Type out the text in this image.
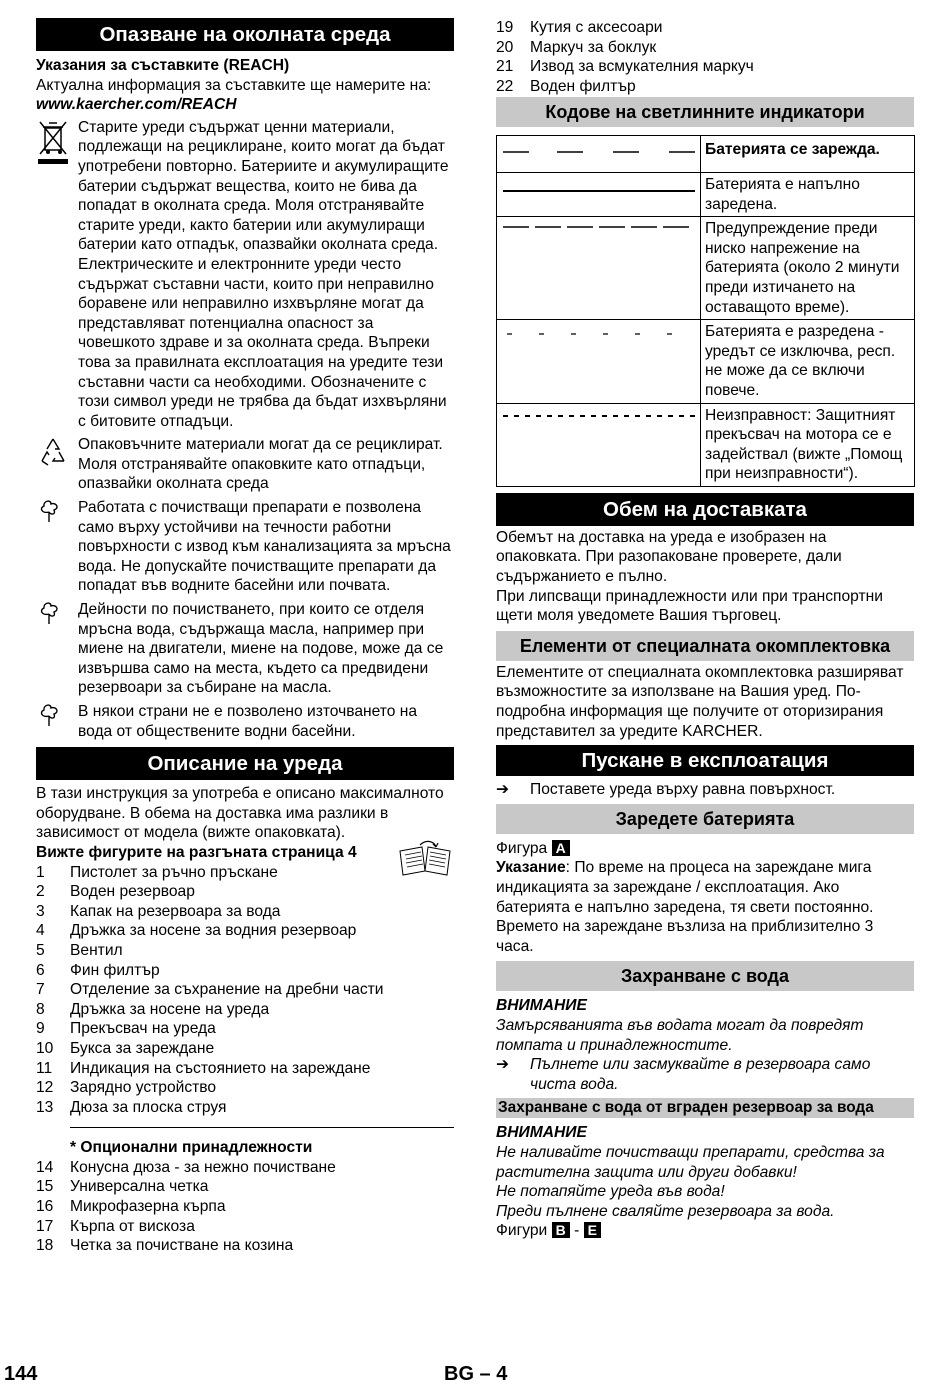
Опазване на околната среда

Указания за съставките (REACH)

Актуална информация за съставките ще намерите на:

www.kaercher.com/REACH

Старите уреди съдържат ценни материали, подлежащи на рециклиране, които могат да бъдат употребени повторно. Батериите и акумулиращите батерии съдържат вещества, които не бива да попадат в околната среда. Моля отстранявайте старите уреди, както батерии или акумулиращи батерии като отпадък, опазвайки околната среда. Електрическите и електронните уреди често съдържат съставни части, които при неправилно боравене или неправилно изхвърляне могат да представляват потенциална опасност за човешкото здраве и за околната среда. Въпреки това за правилната експлоатация на уредите тези съставни части са необходими. Обозначените с този символ уреди не трябва да бъдат изхвърляни с битовите отпадъци.
Опаковъчните материали могат да се рециклират. Моля отстранявайте опаковките като отпадъци, опазвайки околната среда
Работата с почистващи препарати е позволена само върху устойчиви на течности работни повърхности с извод към канализацията за мръсна вода. Не допускайте почистващите препарати да попадат във водните басейни или почвата.
Дейности по почистването, при които се отделя мръсна вода, съдържаща масла, например при миене на двигатели, миене на подове, може да се извършва само на места, където са предвидени резервоари за събиране на масла.
В някои страни не е позволено източването на вода от обществените водни басейни.
Описание на уреда

В тази инструкция за употреба е описано максималното оборудване. В обема на доставка има разлики в зависимост от модела (вижте опаковката).

Вижте фигурите на разгъната страница 4
1	Пистолет за ръчно пръскане
2	Воден резервоар
3	Капак на резервоара за вода
4	Дръжка за носене за водния резервоар
5	Вентил
6	Фин филтър
7	Отделение за съхранение на дребни части
8	Дръжка за носене на уреда
9	Прекъсвач на уреда
10	Букса за зареждане
11	Индикация на състоянието на зареждане
12	Зарядно устройство
13	Дюза за плоска струя
* Опционални принадлежности
14	Конусна дюза - за нежно почистване
15	Универсална четка
16	Микрофазерна кърпа
17	Кърпа от вискоза
18	Четка за почистване на козина
19	Кутия с аксесоари
20	Маркуч за боклук
21	Извод за всмукателния маркуч
22	Воден филтър
Кодове на светлинните индикатори
	Батерията се зарежда.
	Батерията е напълно заредена.
	Предупреждение преди ниско напрежение на батерията (около 2 минути преди изтичането на оставащото време).
	Батерията е разредена - уредът се изключва, респ. не може да се включи повече.
	Неизправност: Защитният прекъсвач на мотора се е задействал (вижте „Помощ при неизправности“).
Обем на доставката

Обемът на доставка на уреда е изобразен на опаковката. При разопаковане проверете, дали съдържанието е пълно.

При липсващи принадлежности или при транспортни щети моля уведомете Вашия търговец.

Елементи от специалната окомплектовка

Елементите от специалната окомплектовка разширяват възможностите за използване на Вашия уред. По-подробна информация ще получите от оторизирания представител за уредите KARCHER.

Пускане в експлоатация
➔	Поставете уреда върху равна повърхност.
Заредете батерията

Фигура A

Указание: По време на процеса на зареждане мига индикацията за зареждане / експлоатация. Ако батерията е напълно заредена, тя свети постоянно. Времето на зареждане възлиза на приблизително 3 часа.

Захранване с вода

ВНИМАНИЕ

Замърсяванията във водата могат да повредят помпата и принадлежностите.

➔	Пълнете или засмуквайте в резервоара само чиста вода.
Захранване с вода от вграден резервоар за вода

ВНИМАНИЕ

Не наливайте почистващи препарати, средства за растителна защита или други добавки!

Не потапяйте уреда във вода!

Преди пълнене сваляйте резервоара за вода.

Фигури B - E

144	BG – 4
